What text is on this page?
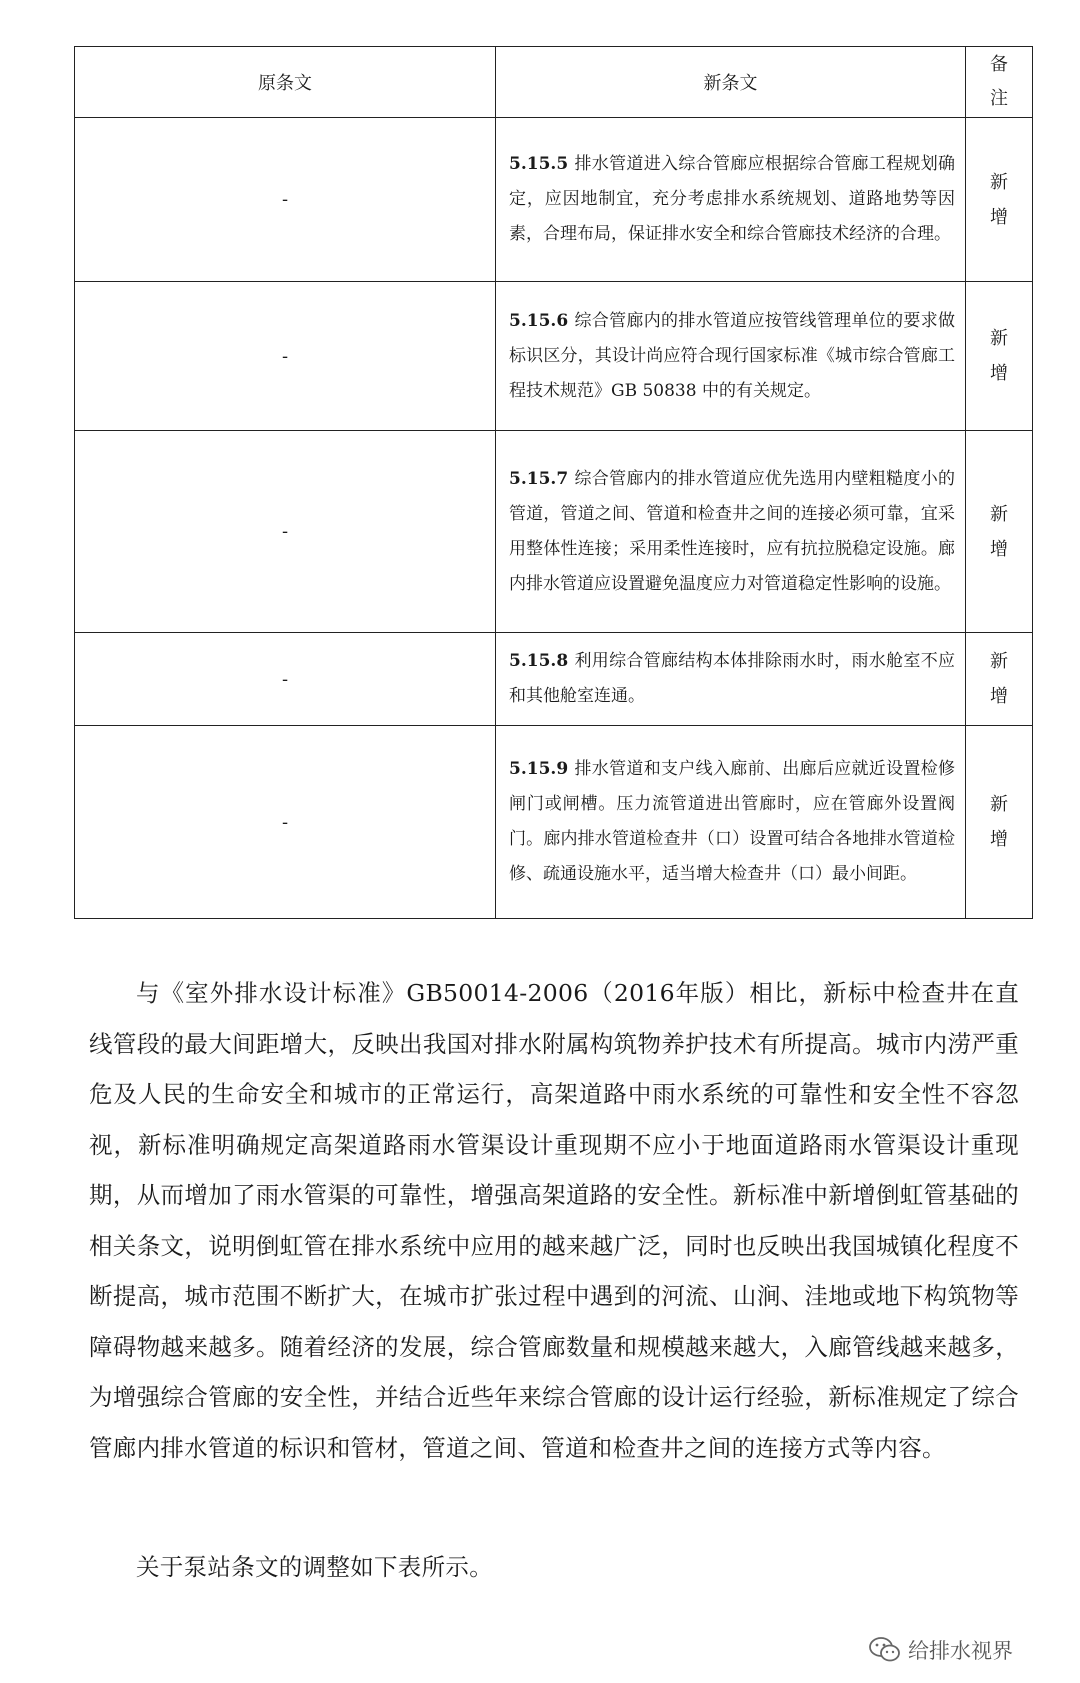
原条文	新条文	备注
-	5.15.5 排水管道进入综合管廊应根据综合管廊工程规划确定，应因地制宜，充分考虑排水系统规划、道路地势等因素，合理布局，保证排水安全和综合管廊技术经济的合理。	新增
-	5.15.6 综合管廊内的排水管道应按管线管理单位的要求做标识区分，其设计尚应符合现行国家标准《城市综合管廊工程技术规范》GB 50838 中的有关规定。	新增
-	5.15.7 综合管廊内的排水管道应优先选用内壁粗糙度小的管道，管道之间、管道和检查井之间的连接必须可靠，宜采用整体性连接；采用柔性连接时，应有抗拉脱稳定设施。廊内排水管道应设置避免温度应力对管道稳定性影响的设施。	新增
-	5.15.8 利用综合管廊结构本体排除雨水时，雨水舱室不应和其他舱室连通。	新增
-	5.15.9 排水管道和支户线入廊前、出廊后应就近设置检修闸门或闸槽。压力流管道进出管廊时，应在管廊外设置阀门。廊内排水管道检查井（口）设置可结合各地排水管道检修、疏通设施水平，适当增大检查井（口）最小间距。	新增

与《室外排水设计标准》GB50014-2006（2016年版）相比，新标中检查井在直线管段的最大间距增大，反映出我国对排水附属构筑物养护技术有所提高。城市内涝严重危及人民的生命安全和城市的正常运行，高架道路中雨水系统的可靠性和安全性不容忽视，新标准明确规定高架道路雨水管渠设计重现期不应小于地面道路雨水管渠设计重现期，从而增加了雨水管渠的可靠性，增强高架道路的安全性。新标准中新增倒虹管基础的相关条文，说明倒虹管在排水系统中应用的越来越广泛，同时也反映出我国城镇化程度不断提高，城市范围不断扩大，在城市扩张过程中遇到的河流、山涧、洼地或地下构筑物等障碍物越来越多。随着经济的发展，综合管廊数量和规模越来越大，入廊管线越来越多，为增强综合管廊的安全性，并结合近些年来综合管廊的设计运行经验，新标准规定了综合管廊内排水管道的标识和管材，管道之间、管道和检查井之间的连接方式等内容。

关于泵站条文的调整如下表所示。

给排水视界
